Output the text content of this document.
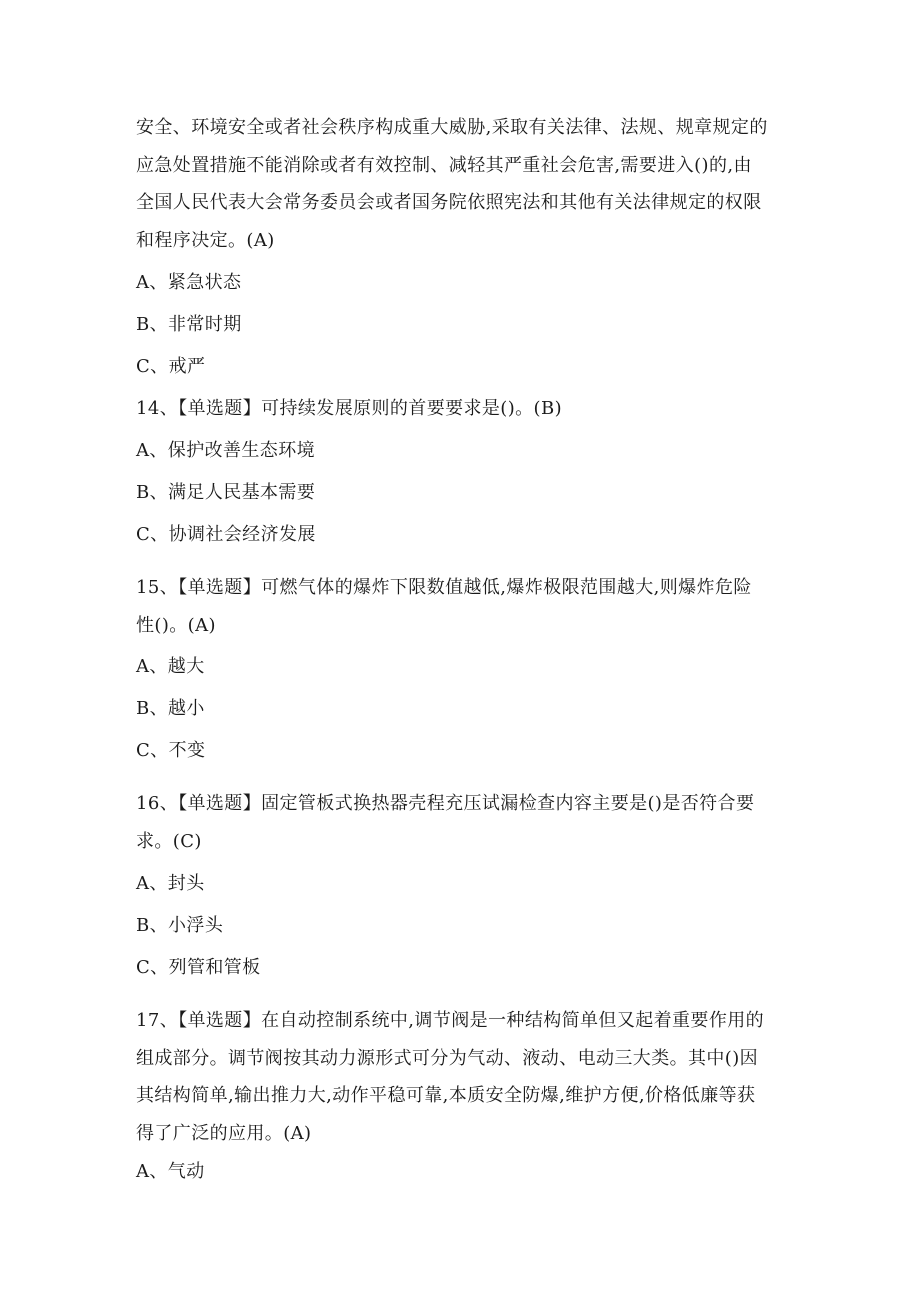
安全、环境安全或者社会秩序构成重大威胁,采取有关法律、法规、规章规定的
应急处置措施不能消除或者有效控制、减轻其严重社会危害,需要进入()的,由
全国人民代表大会常务委员会或者国务院依照宪法和其他有关法律规定的权限
和程序决定。(A)
A、紧急状态
B、非常时期
C、戒严
14、【单选题】可持续发展原则的首要要求是()。(B)
A、保护改善生态环境
B、满足人民基本需要
C、协调社会经济发展
15、【单选题】可燃气体的爆炸下限数值越低,爆炸极限范围越大,则爆炸危险
性()。(A)
A、越大
B、越小
C、不变
16、【单选题】固定管板式换热器壳程充压试漏检查内容主要是()是否符合要
求。(C)
A、封头
B、小浮头
C、列管和管板
17、【单选题】在自动控制系统中,调节阀是一种结构简单但又起着重要作用的
组成部分。调节阀按其动力源形式可分为气动、液动、电动三大类。其中()因
其结构简单,输出推力大,动作平稳可靠,本质安全防爆,维护方便,价格低廉等获
得了广泛的应用。(A)
A、气动
